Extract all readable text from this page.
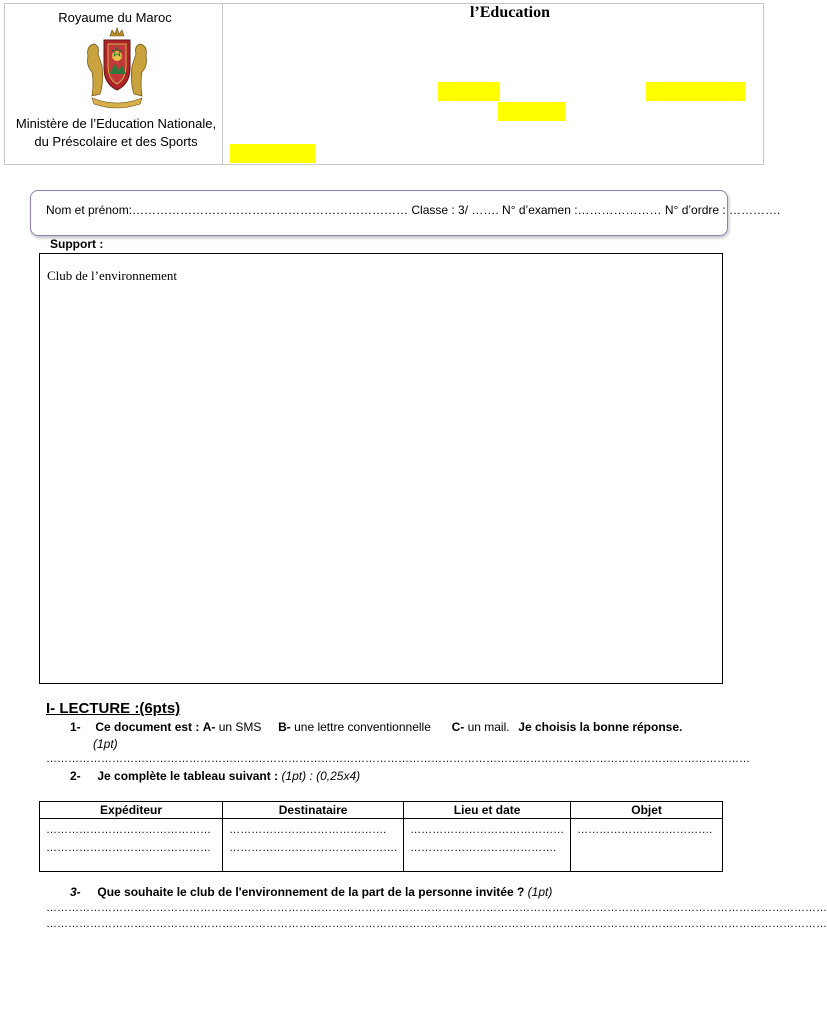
Royaume du Maroc
Ministère de l’Education Nationale,
du Préscolaire et des Sports
l’Education
Nom et prénom:…………………………………………………………… Classe : 3/ ……. N° d’examen :………………… N° d’ordre : ………….
Support :
Club de l’environnement
I- LECTURE :(6pts)
1- Ce document est : A- un SMS B- une lettre conventionnelle C- un mail. Je choisis la bonne réponse.
(1pt)
…………………………………………………………………………………………………………………………………………………………………………
2- Je complète le tableau suivant : (1pt) : (0,25x4)
Expéditeur	Destinataire	Lieu et date	Objet
……………………………………… ………………………………………	……………………………………. ……………………………………….	…………………………………… ………………………………….	……………………………….
3- Que souhaite le club de l'environnement de la part de la personne invitée ? (1pt)
……………………………………………………………………………………………………………………………………………………………………………………………
……………………………………………………………………………………………………………………………………………………………………………………………
